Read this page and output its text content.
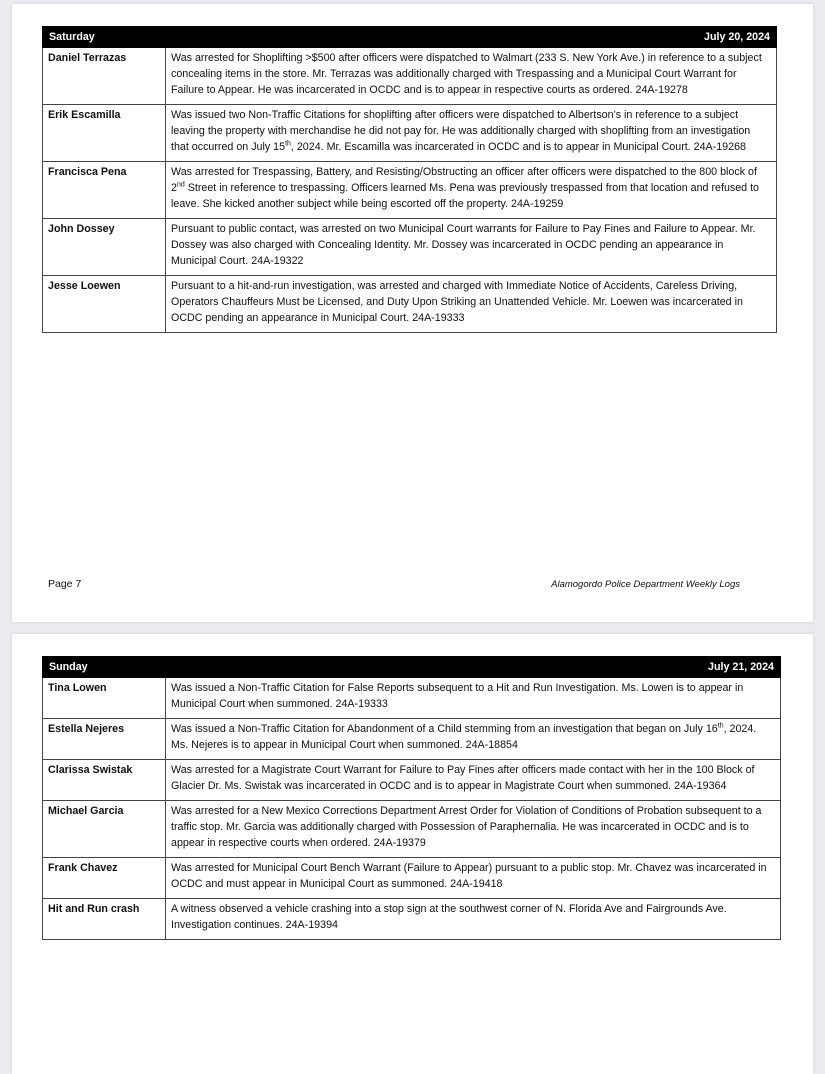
Saturday	July 20, 2024
Daniel Terrazas	Was arrested for Shoplifting >$500 after officers were dispatched to Walmart (233 S. New York Ave.) in reference to a subject concealing items in the store. Mr. Terrazas was additionally charged with Trespassing and a Municipal Court Warrant for Failure to Appear. He was incarcerated in OCDC and is to appear in respective courts as ordered. 24A-19278
Erik Escamilla	Was issued two Non-Traffic Citations for shoplifting after officers were dispatched to Albertson’s in reference to a subject leaving the property with merchandise he did not pay for. He was additionally charged with shoplifting from an investigation that occurred on July 15th, 2024. Mr. Escamilla was incarcerated in OCDC and is to appear in Municipal Court. 24A-19268
Francisca Pena	Was arrested for Trespassing, Battery, and Resisting/Obstructing an officer after officers were dispatched to the 800 block of 2nd Street in reference to trespassing. Officers learned Ms. Pena was previously trespassed from that location and refused to leave. She kicked another subject while being escorted off the property. 24A-19259
John Dossey	Pursuant to public contact, was arrested on two Municipal Court warrants for Failure to Pay Fines and Failure to Appear. Mr. Dossey was also charged with Concealing Identity. Mr. Dossey was incarcerated in OCDC pending an appearance in Municipal Court. 24A-19322
Jesse Loewen	Pursuant to a hit-and-run investigation, was arrested and charged with Immediate Notice of Accidents, Careless Driving, Operators Chauffeurs Must be Licensed, and Duty Upon Striking an Unattended Vehicle. Mr. Loewen was incarcerated in OCDC pending an appearance in Municipal Court. 24A-19333
Page 7	Alamogordo Police Department Weekly Logs
Sunday	July 21, 2024
Tina Lowen	Was issued a Non-Traffic Citation for False Reports subsequent to a Hit and Run Investigation. Ms. Lowen is to appear in Municipal Court when summoned. 24A-19333
Estella Nejeres	Was issued a Non-Traffic Citation for Abandonment of a Child stemming from an investigation that began on July 16th, 2024. Ms. Nejeres is to appear in Municipal Court when summoned. 24A-18854
Clarissa Swistak	Was arrested for a Magistrate Court Warrant for Failure to Pay Fines after officers made contact with her in the 100 Block of Glacier Dr. Ms. Swistak was incarcerated in OCDC and is to appear in Magistrate Court when summoned. 24A-19364
Michael Garcia	Was arrested for a New Mexico Corrections Department Arrest Order for Violation of Conditions of Probation subsequent to a traffic stop. Mr. Garcia was additionally charged with Possession of Paraphernalia. He was incarcerated in OCDC and is to appear in respective courts when ordered. 24A-19379
Frank Chavez	Was arrested for Municipal Court Bench Warrant (Failure to Appear) pursuant to a public stop. Mr. Chavez was incarcerated in OCDC and must appear in Municipal Court as summoned. 24A-19418
Hit and Run crash	A witness observed a vehicle crashing into a stop sign at the southwest corner of N. Florida Ave and Fairgrounds Ave. Investigation continues. 24A-19394
